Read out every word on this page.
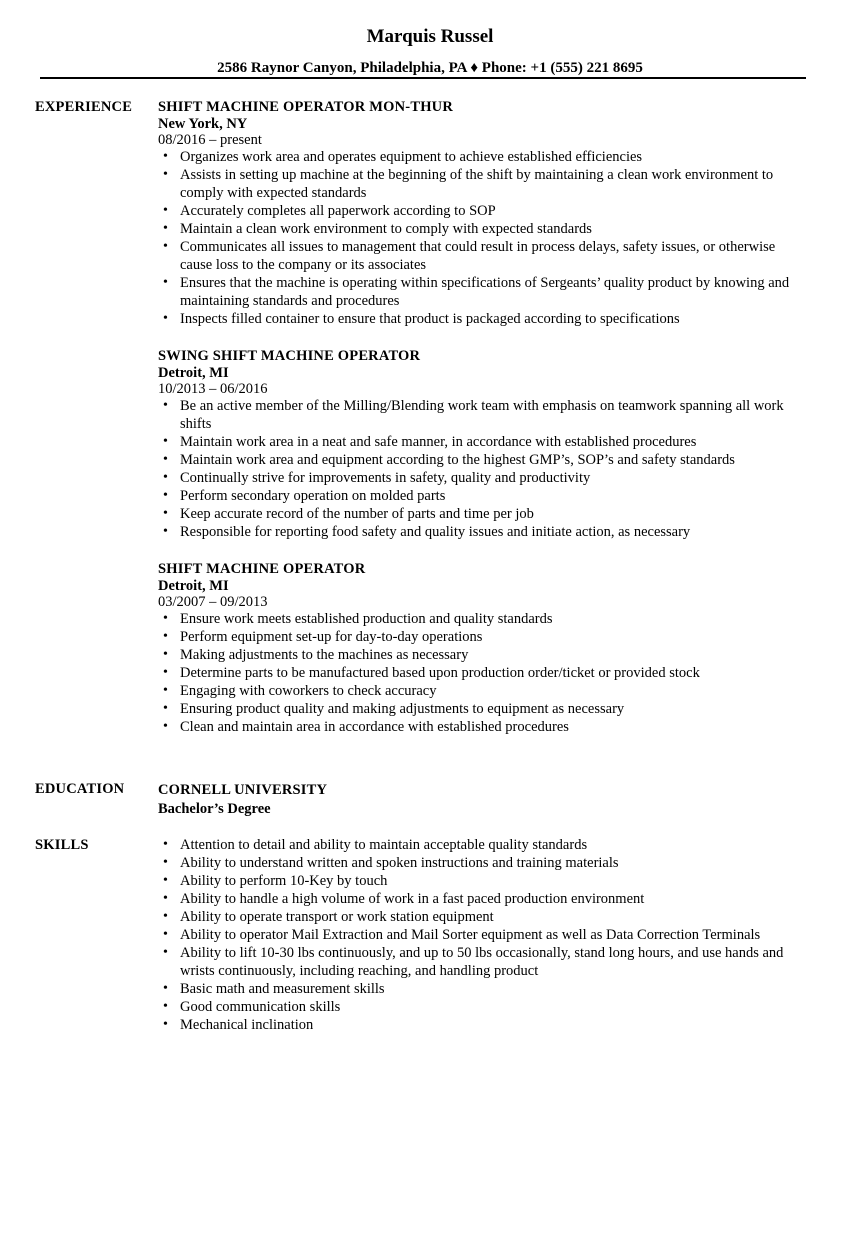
Marquis Russel
2586 Raynor Canyon, Philadelphia, PA ♦ Phone: +1 (555) 221 8695
EXPERIENCE SHIFT MACHINE OPERATOR MON-THUR
New York, NY
08/2016 – present
• Organizes work area and operates equipment to achieve established efficiencies
• Assists in setting up machine at the beginning of the shift by maintaining a clean work environment to comply with expected standards
• Accurately completes all paperwork according to SOP
• Maintain a clean work environment to comply with expected standards
• Communicates all issues to management that could result in process delays, safety issues, or otherwise cause loss to the company or its associates
• Ensures that the machine is operating within specifications of Sergeants’ quality product by knowing and maintaining standards and procedures
• Inspects filled container to ensure that product is packaged according to specifications
SWING SHIFT MACHINE OPERATOR
Detroit, MI
10/2013 – 06/2016
• Be an active member of the Milling/Blending work team with emphasis on teamwork spanning all work shifts
• Maintain work area in a neat and safe manner, in accordance with established procedures
• Maintain work area and equipment according to the highest GMP’s, SOP’s and safety standards
• Continually strive for improvements in safety, quality and productivity
• Perform secondary operation on molded parts
• Keep accurate record of the number of parts and time per job
• Responsible for reporting food safety and quality issues and initiate action, as necessary
SHIFT MACHINE OPERATOR
Detroit, MI
03/2007 – 09/2013
• Ensure work meets established production and quality standards
• Perform equipment set-up for day-to-day operations
• Making adjustments to the machines as necessary
• Determine parts to be manufactured based upon production order/ticket or provided stock
• Engaging with coworkers to check accuracy
• Ensuring product quality and making adjustments to equipment as necessary
• Clean and maintain area in accordance with established procedures
EDUCATION CORNELL UNIVERSITY
Bachelor’s Degree
SKILLS	• Attention to detail and ability to maintain acceptable quality standards
• Ability to understand written and spoken instructions and training materials
• Ability to perform 10-Key by touch
• Ability to handle a high volume of work in a fast paced production environment
• Ability to operate transport or work station equipment
• Ability to operator Mail Extraction and Mail Sorter equipment as well as Data Correction Terminals
• Ability to lift 10-30 lbs continuously, and up to 50 lbs occasionally, stand long hours, and use hands and wrists continuously, including reaching, and handling product
• Basic math and measurement skills
• Good communication skills
• Mechanical inclination
